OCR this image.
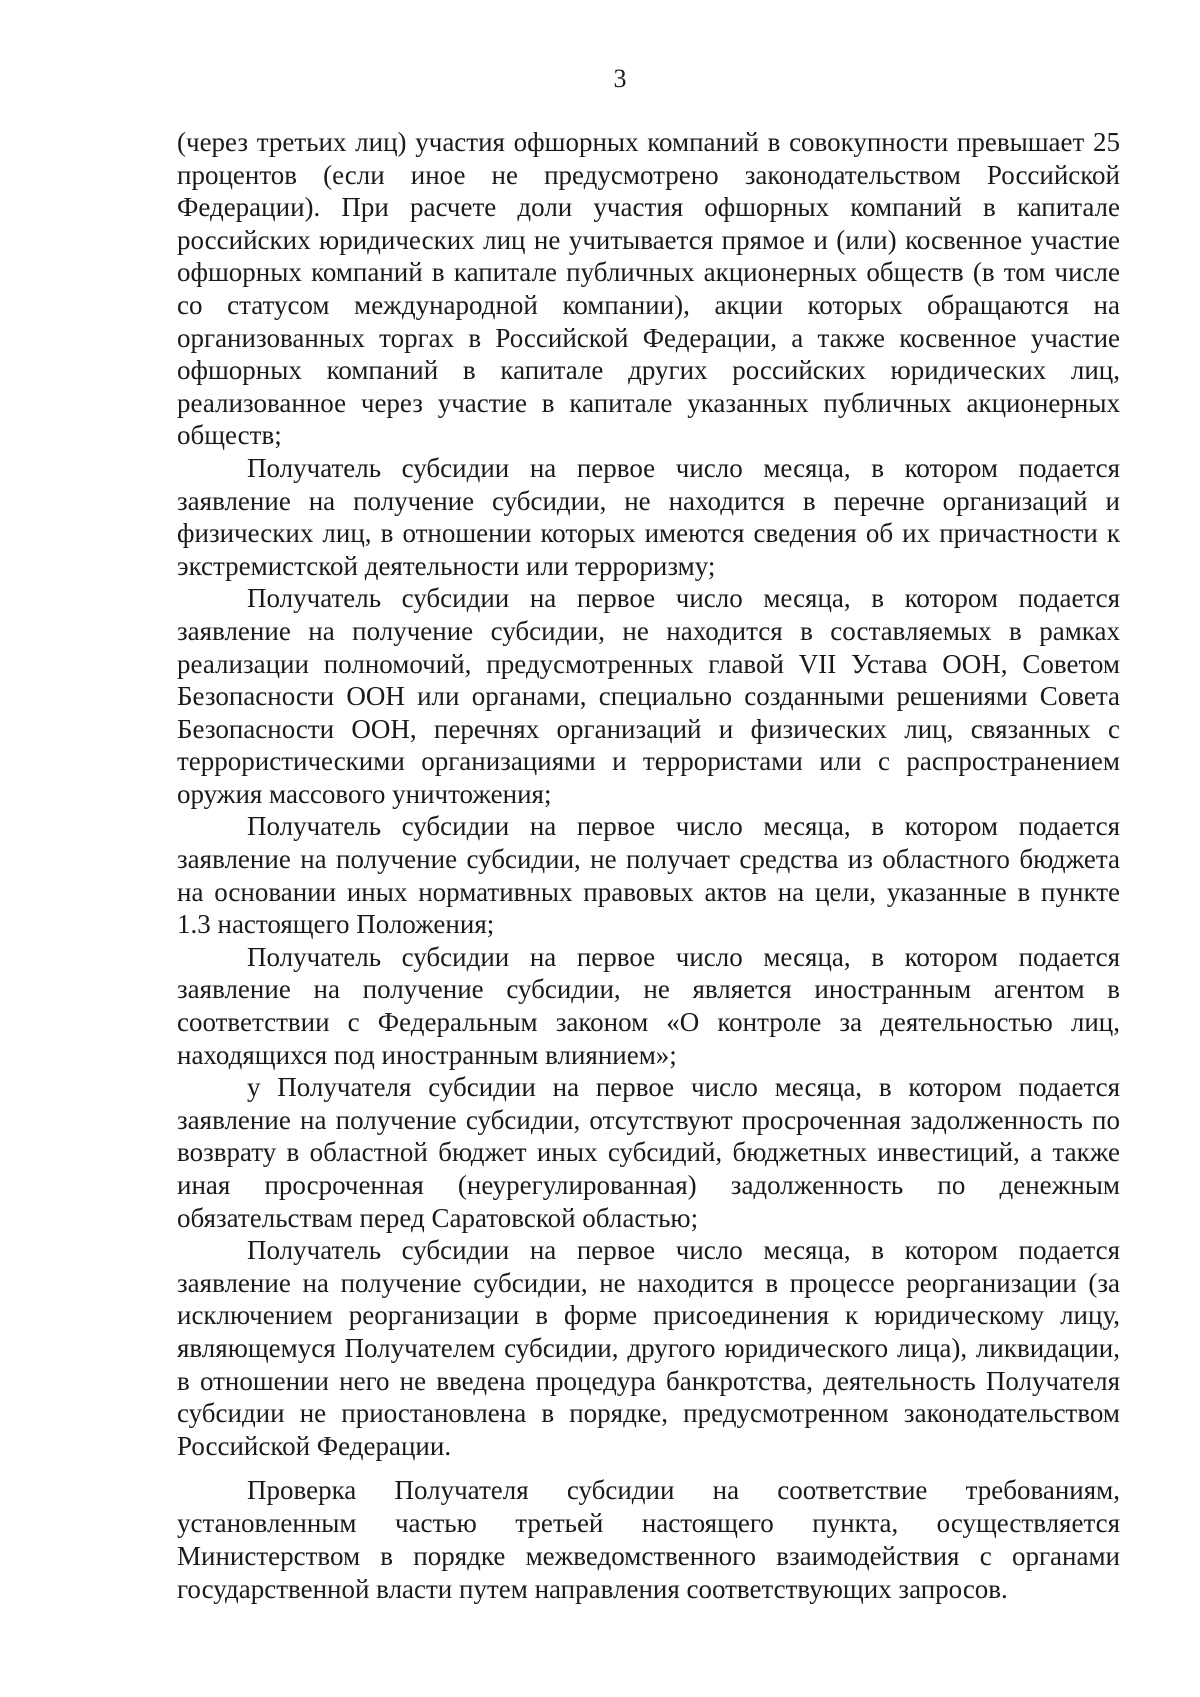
3

(через третьих лиц) участия офшорных компаний в совокупности превышает 25 процентов (если иное не предусмотрено законодательством Российской Федерации). При расчете доли участия офшорных компаний в капитале российских юридических лиц не учитывается прямое и (или) косвенное участие офшорных компаний в капитале публичных акционерных обществ (в том числе со статусом международной компании), акции которых обращаются на организованных торгах в Российской Федерации, а также косвенное участие офшорных компаний в капитале других российских юридических лиц, реализованное через участие в капитале указанных публичных акционерных обществ;

Получатель субсидии на первое число месяца, в котором подается заявление на получение субсидии, не находится в перечне организаций и физических лиц, в отношении которых имеются сведения об их причастности к экстремистской деятельности или терроризму;

Получатель субсидии на первое число месяца, в котором подается заявление на получение субсидии, не находится в составляемых в рамках реализации полномочий, предусмотренных главой VII Устава ООН, Советом Безопасности ООН или органами, специально созданными решениями Совета Безопасности ООН, перечнях организаций и физических лиц, связанных с террористическими организациями и террористами или с распространением оружия массового уничтожения;

Получатель субсидии на первое число месяца, в котором подается заявление на получение субсидии, не получает средства из областного бюджета на основании иных нормативных правовых актов на цели, указанные в пункте 1.3 настоящего Положения;

Получатель субсидии на первое число месяца, в котором подается заявление на получение субсидии, не является иностранным агентом в соответствии с Федеральным законом «О контроле за деятельностью лиц, находящихся под иностранным влиянием»;

у Получателя субсидии на первое число месяца, в котором подается заявление на получение субсидии, отсутствуют просроченная задолженность по возврату в областной бюджет иных субсидий, бюджетных инвестиций, а также иная просроченная (неурегулированная) задолженность по денежным обязательствам перед Саратовской областью;

Получатель субсидии на первое число месяца, в котором подается заявление на получение субсидии, не находится в процессе реорганизации (за исключением реорганизации в форме присоединения к юридическому лицу, являющемуся Получателем субсидии, другого юридического лица), ликвидации, в отношении него не введена процедура банкротства, деятельность Получателя субсидии не приостановлена в порядке, предусмотренном законодательством Российской Федерации.

Проверка Получателя субсидии на соответствие требованиям, установленным частью третьей настоящего пункта, осуществляется Министерством в порядке межведомственного взаимодействия с органами государственной власти путем направления соответствующих запросов.
